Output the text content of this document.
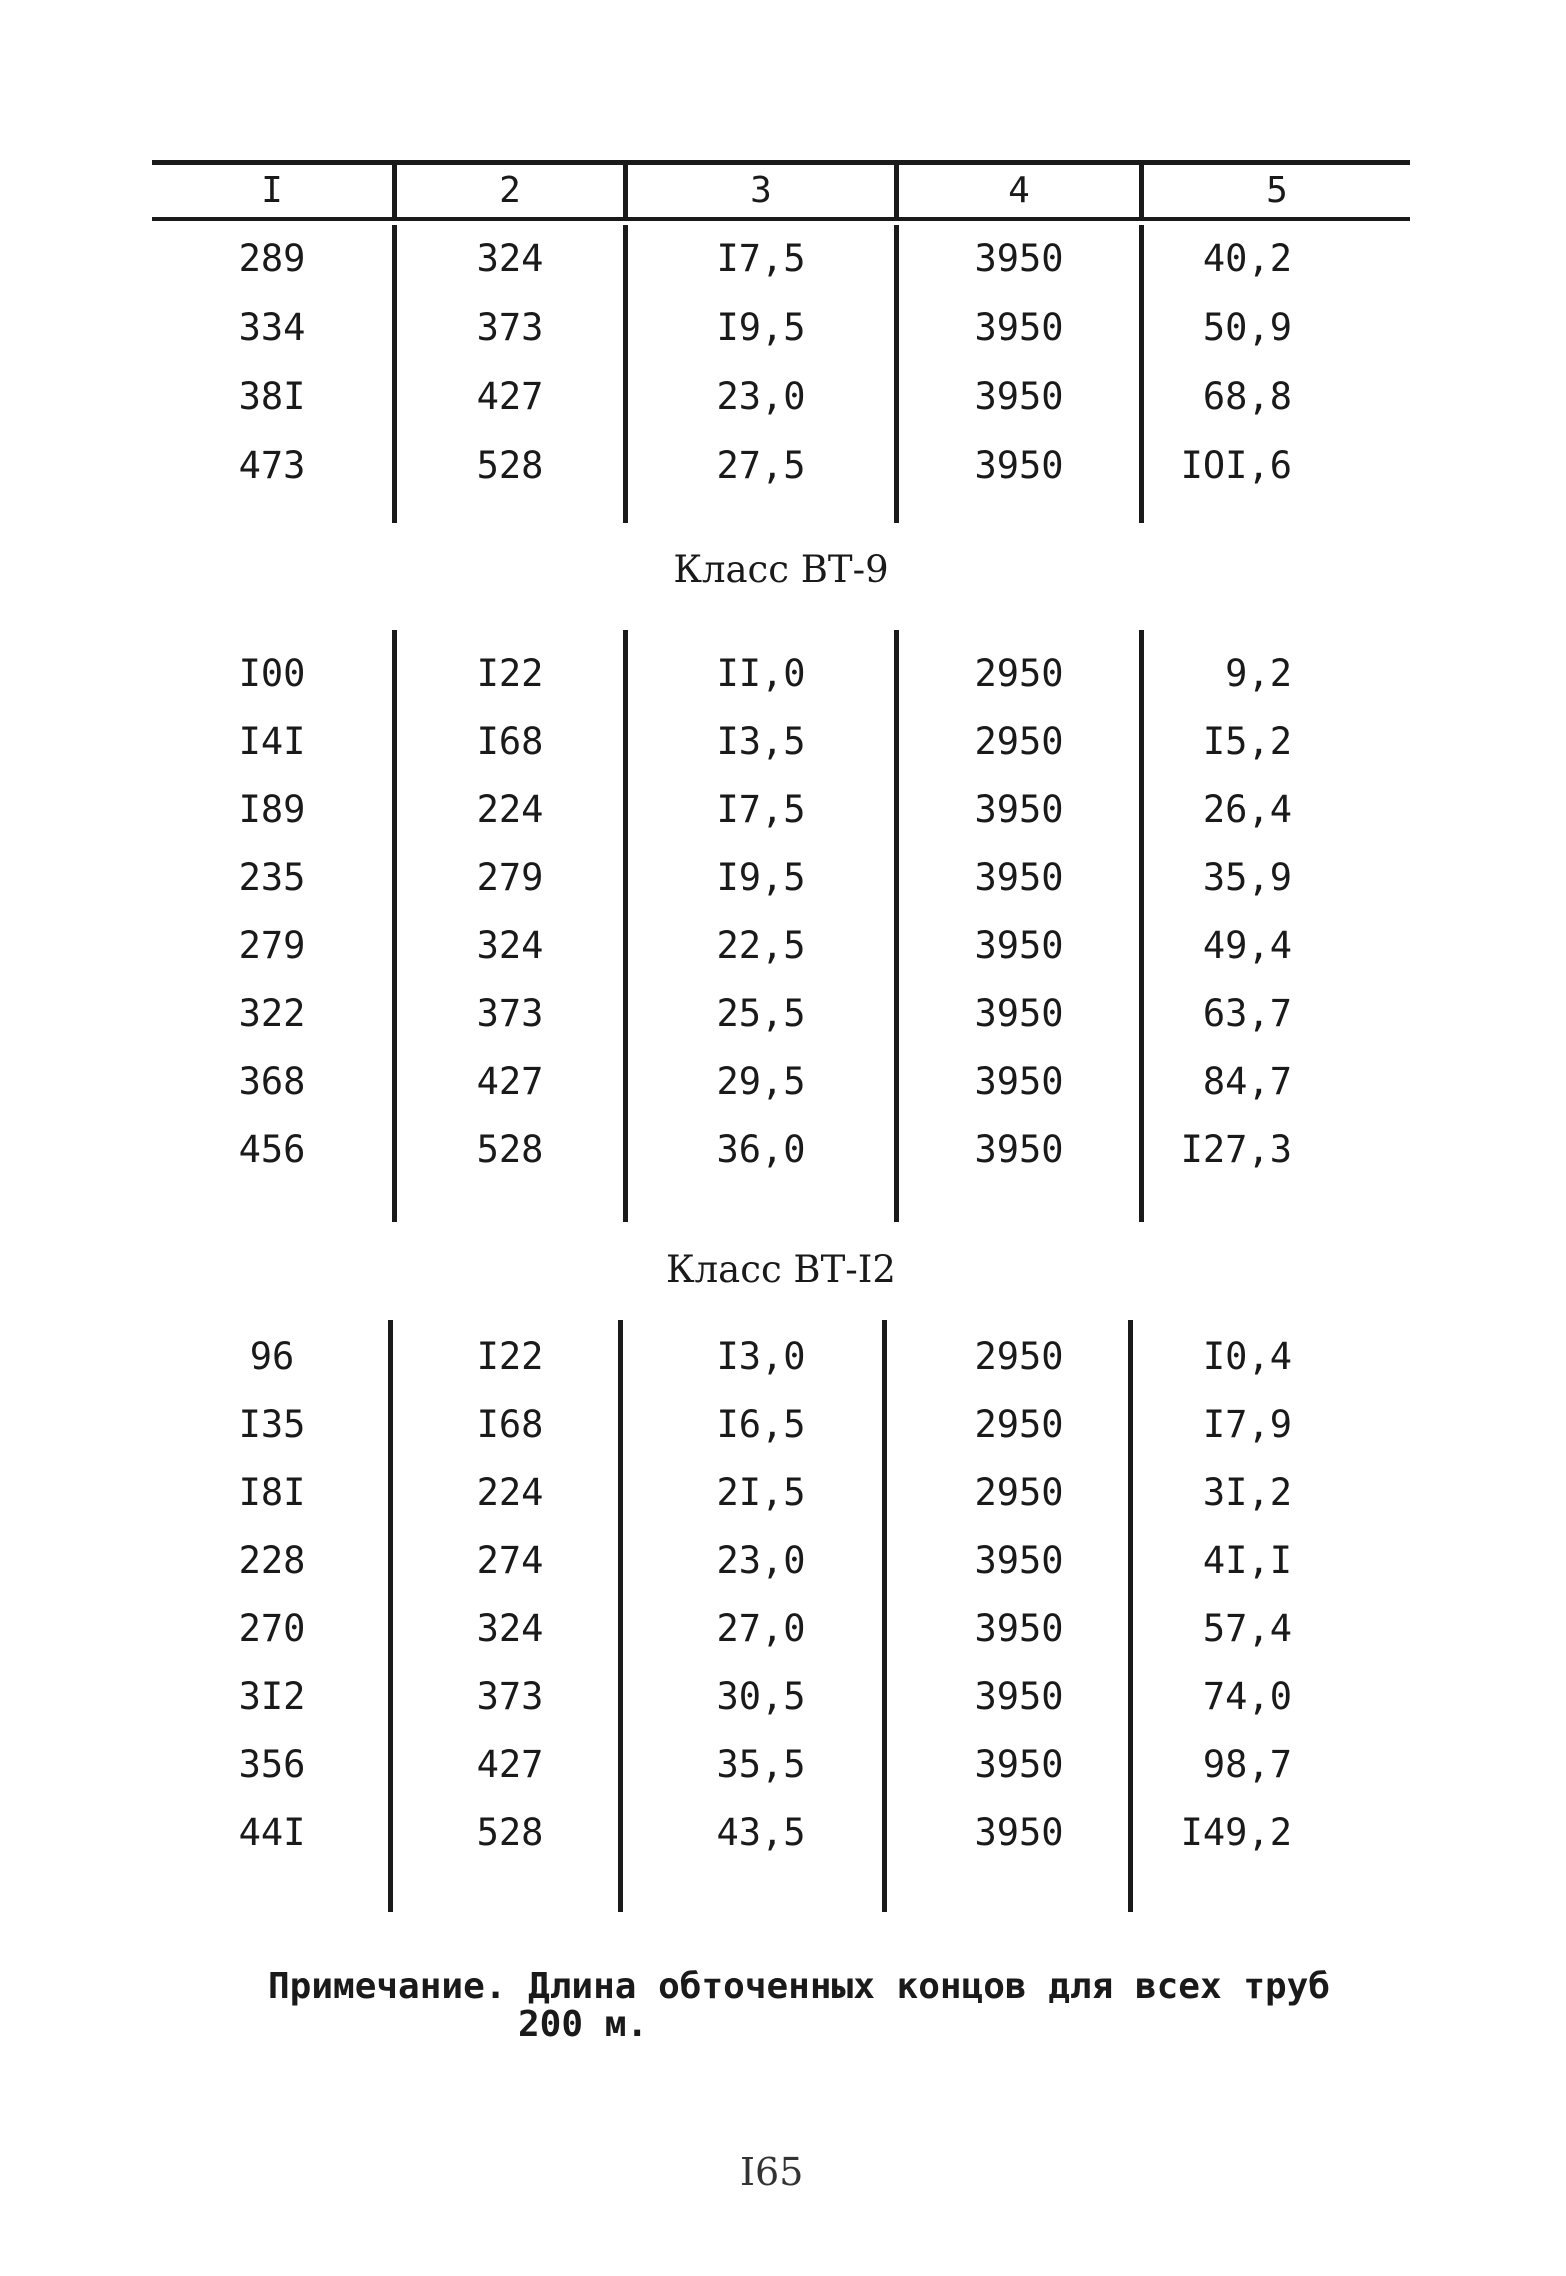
I	2	3	4	5
289	324	I7,5	3950	40,2
334	373	I9,5	3950	50,9
38I	427	23,0	3950	68,8
473	528	27,5	3950	IOI,6
Класс ВТ-9
I00	I22	II,0	2950	9,2
I4I	I68	I3,5	2950	I5,2
I89	224	I7,5	3950	26,4
235	279	I9,5	3950	35,9
279	324	22,5	3950	49,4
322	373	25,5	3950	63,7
368	427	29,5	3950	84,7
456	528	36,0	3950	I27,3
Класс ВТ-I2
96	I22	I3,0	2950	I0,4
I35	I68	I6,5	2950	I7,9
I8I	224	2I,5	2950	3I,2
228	274	23,0	3950	4I,I
270	324	27,0	3950	57,4
3I2	373	30,5	3950	74,0
356	427	35,5	3950	98,7
44I	528	43,5	3950	I49,2
Примечание. Длина обточенных концов для всех труб
200 м.
I65
